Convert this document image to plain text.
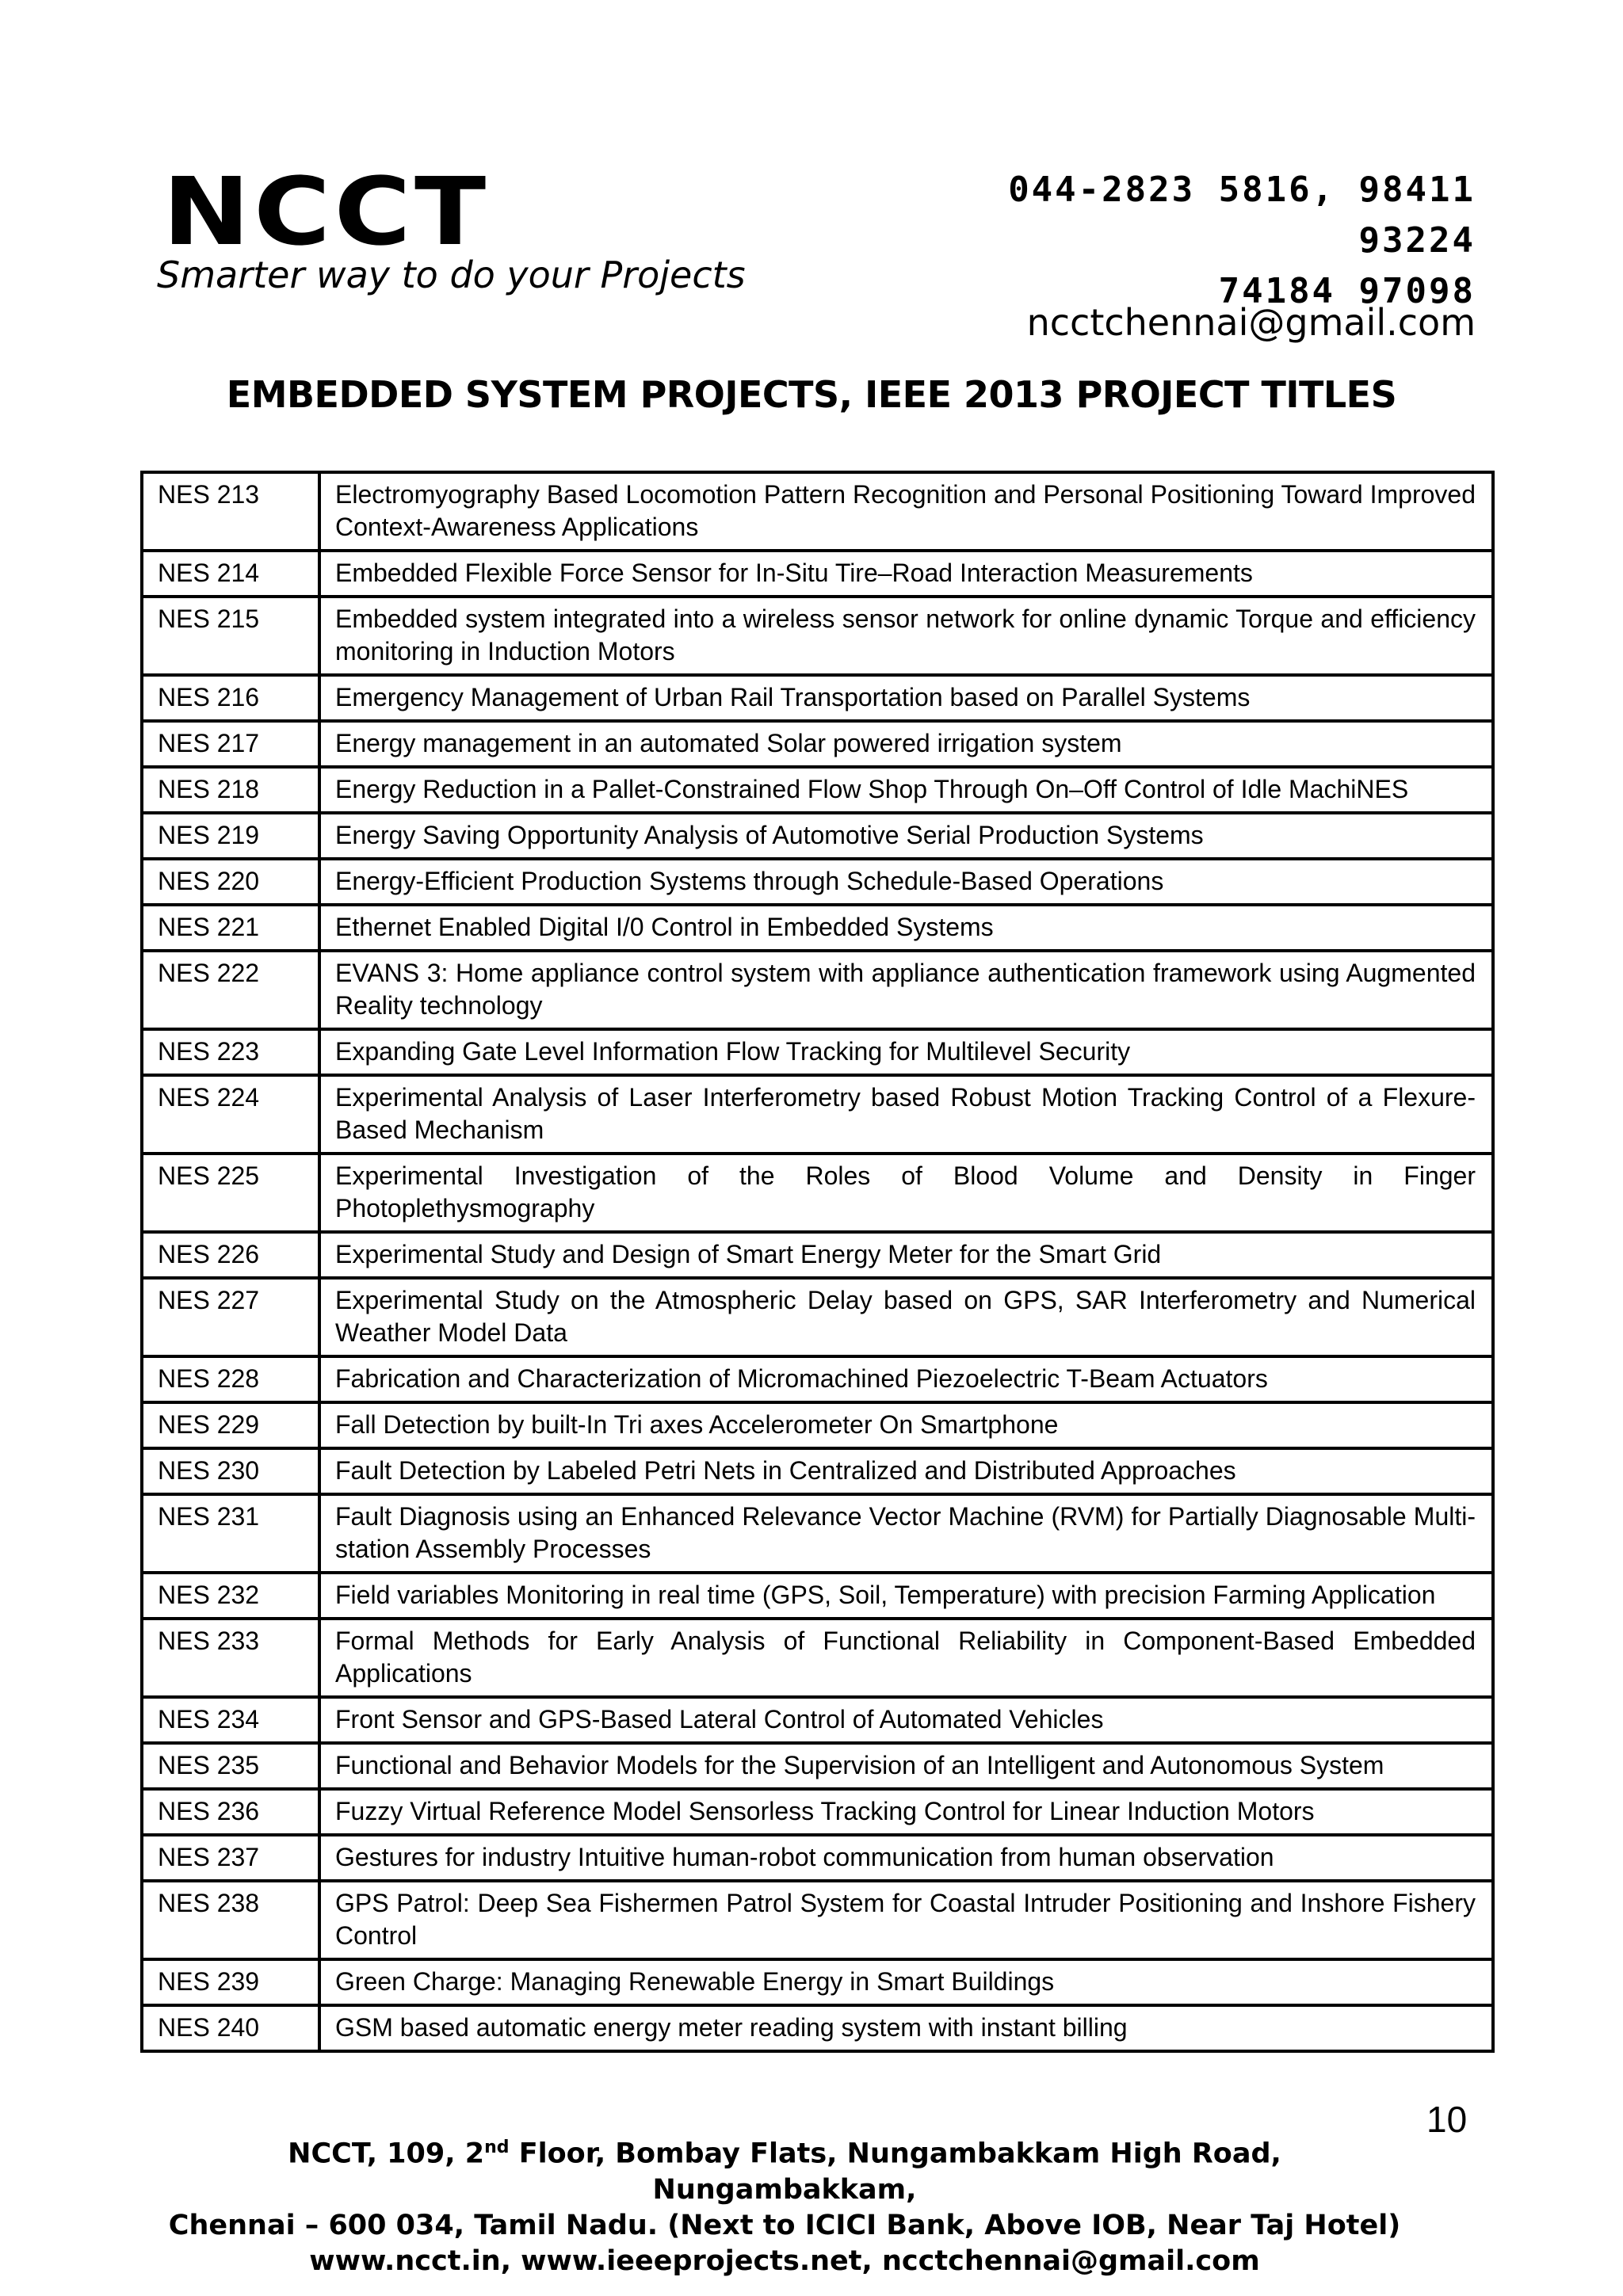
NCCT
Smarter way to do your Projects
044-2823 5816, 98411
93224
74184 97098
ncctchennai@gmail.com
EMBEDDED SYSTEM PROJECTS, IEEE 2013 PROJECT TITLES
NES 213	Electromyography Based Locomotion Pattern Recognition and Personal Positioning Toward Improved Context-Awareness Applications
NES 214	Embedded Flexible Force Sensor for In-Situ Tire–Road Interaction Measurements
NES 215	Embedded system integrated into a wireless sensor network for online dynamic Torque and efficiency monitoring in Induction Motors
NES 216	Emergency Management of Urban Rail Transportation based on Parallel Systems
NES 217	Energy management in an automated Solar powered irrigation system
NES 218	Energy Reduction in a Pallet-Constrained Flow Shop Through On–Off Control of Idle MachiNES
NES 219	Energy Saving Opportunity Analysis of Automotive Serial Production Systems
NES 220	Energy-Efficient Production Systems through Schedule-Based Operations
NES 221	Ethernet Enabled Digital I/0 Control in Embedded Systems
NES 222	EVANS 3: Home appliance control system with appliance authentication framework using Augmented Reality technology
NES 223	Expanding Gate Level Information Flow Tracking for Multilevel Security
NES 224	Experimental Analysis of Laser Interferometry based Robust Motion Tracking Control of a Flexure-Based Mechanism
NES 225	Experimental Investigation of the Roles of Blood Volume and Density in Finger Photoplethysmography
NES 226	Experimental Study and Design of Smart Energy Meter for the Smart Grid
NES 227	Experimental Study on the Atmospheric Delay based on GPS, SAR Interferometry and Numerical Weather Model Data
NES 228	Fabrication and Characterization of Micromachined Piezoelectric T-Beam Actuators
NES 229	Fall Detection by built-In Tri axes Accelerometer On Smartphone
NES 230	Fault Detection by Labeled Petri Nets in Centralized and Distributed Approaches
NES 231	Fault Diagnosis using an Enhanced Relevance Vector Machine (RVM) for Partially Diagnosable Multi-station Assembly Processes
NES 232	Field variables Monitoring in real time (GPS, Soil, Temperature) with precision Farming Application
NES 233	Formal Methods for Early Analysis of Functional Reliability in Component-Based Embedded Applications
NES 234	Front Sensor and GPS-Based Lateral Control of Automated Vehicles
NES 235	Functional and Behavior Models for the Supervision of an Intelligent and Autonomous System
NES 236	Fuzzy Virtual Reference Model Sensorless Tracking Control for Linear Induction Motors
NES 237	Gestures for industry Intuitive human-robot communication from human observation
NES 238	GPS Patrol: Deep Sea Fishermen Patrol System for Coastal Intruder Positioning and Inshore Fishery Control
NES 239	Green Charge: Managing Renewable Energy in Smart Buildings
NES 240	GSM based automatic energy meter reading system with instant billing
NCCT, 109, 2nd Floor, Bombay Flats, Nungambakkam High Road, Nungambakkam,
Chennai – 600 034, Tamil Nadu. (Next to ICICI Bank, Above IOB, Near Taj Hotel)
www.ncct.in, www.ieeeprojects.net, ncctchennai@gmail.com
10
